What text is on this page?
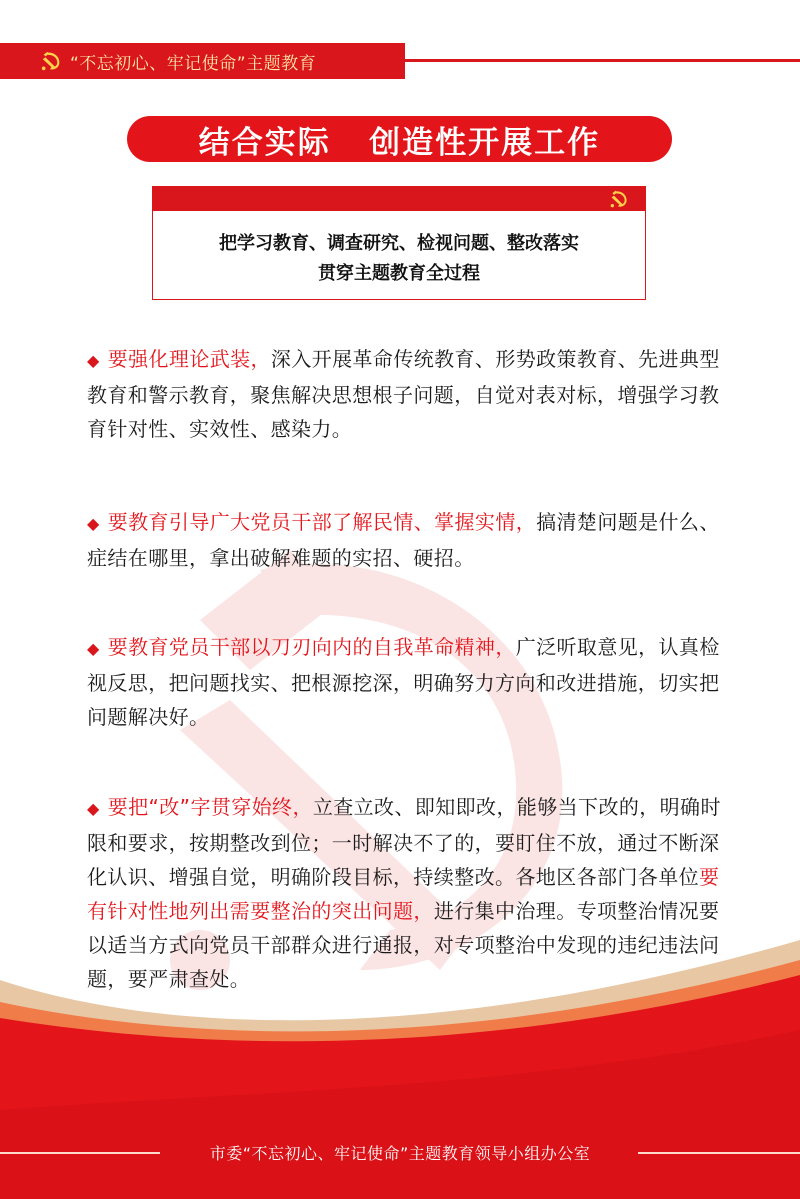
“不忘初心、牢记使命”主题教育
结合实际   创造性开展工作
把学习教育、调查研究、检视问题、整改落实
贯穿主题教育全过程

◆ 要强化理论武装，深入开展革命传统教育、形势政策教育、先进典型教育和警示教育，聚焦解决思想根子问题，自觉对表对标，增强学习教育针对性、实效性、感染力。

◆ 要教育引导广大党员干部了解民情、掌握实情，搞清楚问题是什么、症结在哪里，拿出破解难题的实招、硬招。

◆ 要教育党员干部以刀刃向内的自我革命精神，广泛听取意见，认真检视反思，把问题找实、把根源挖深，明确努力方向和改进措施，切实把问题解决好。

◆ 要把“改”字贯穿始终，立查立改、即知即改，能够当下改的，明确时限和要求，按期整改到位；一时解决不了的，要盯住不放，通过不断深化认识、增强自觉，明确阶段目标，持续整改。各地区各部门各单位要有针对性地列出需要整治的突出问题，进行集中治理。专项整治情况要以适当方式向党员干部群众进行通报，对专项整治中发现的违纪违法问题，要严肃查处。

市委“不忘初心、牢记使命”主题教育领导小组办公室
